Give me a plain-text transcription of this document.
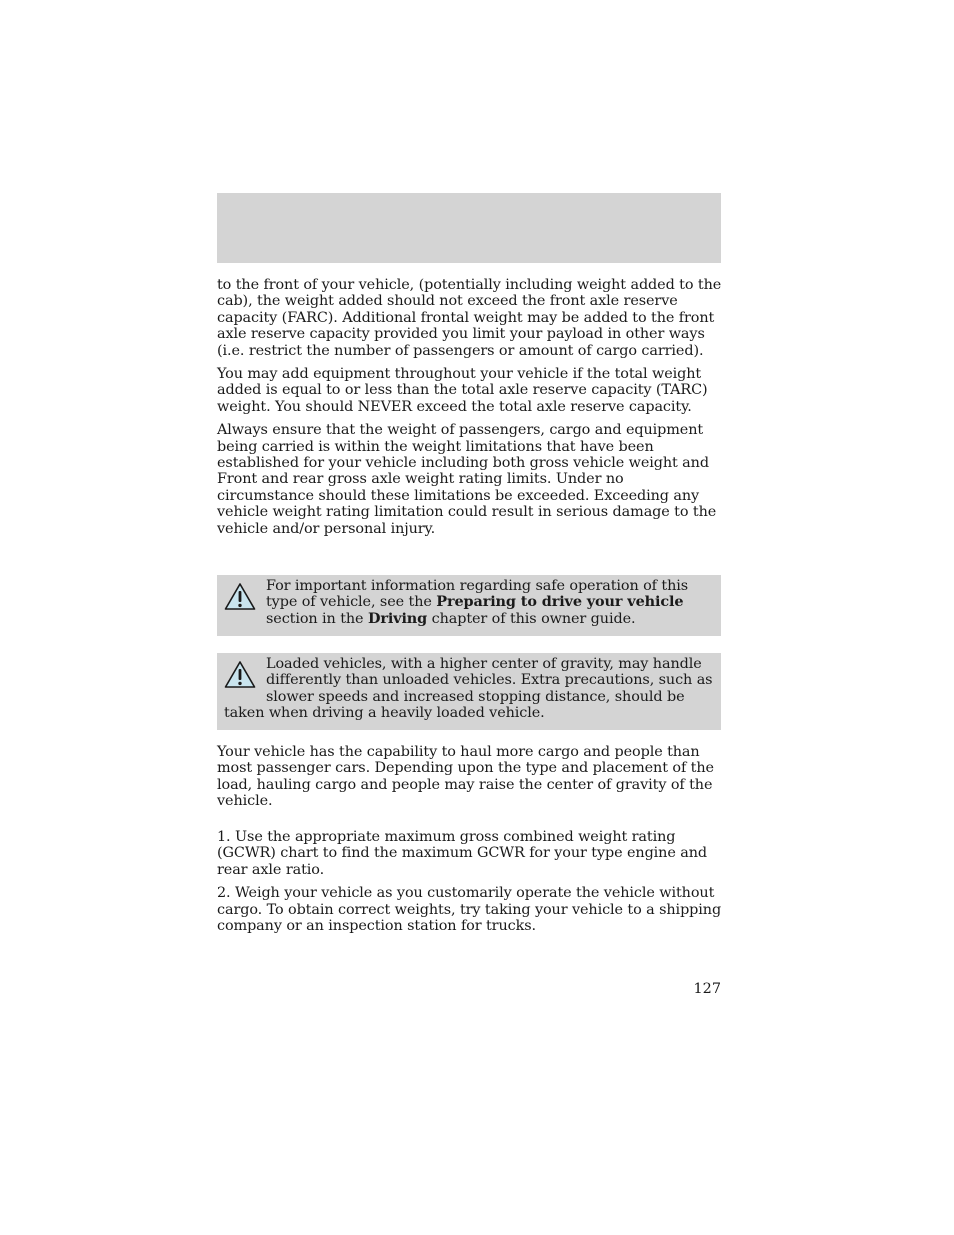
to the front of your vehicle, (potentially including weight added to the cab), the weight added should not exceed the front axle reserve capacity (FARC). Additional frontal weight may be added to the front axle reserve capacity provided you limit your payload in other ways (i.e. restrict the number of passengers or amount of cargo carried).

You may add equipment throughout your vehicle if the total weight added is equal to or less than the total axle reserve capacity (TARC) weight. You should NEVER exceed the total axle reserve capacity.

Always ensure that the weight of passengers, cargo and equipment being carried is within the weight limitations that have been established for your vehicle including both gross vehicle weight and Front and rear gross axle weight rating limits. Under no circumstance should these limitations be exceeded. Exceeding any vehicle weight rating limitation could result in serious damage to the vehicle and/or personal injury.

For important information regarding safe operation of this type of vehicle, see the Preparing to drive your vehicle section in the Driving chapter of this owner guide.
Loaded vehicles, with a higher center of gravity, may handle differently than unloaded vehicles. Extra precautions, such as slower speeds and increased stopping distance, should be taken when driving a heavily loaded vehicle.

Your vehicle has the capability to haul more cargo and people than most passenger cars. Depending upon the type and placement of the load, hauling cargo and people may raise the center of gravity of the vehicle.

1. Use the appropriate maximum gross combined weight rating (GCWR) chart to find the maximum GCWR for your type engine and rear axle ratio.

2. Weigh your vehicle as you customarily operate the vehicle without cargo. To obtain correct weights, try taking your vehicle to a shipping company or an inspection station for trucks.

127
